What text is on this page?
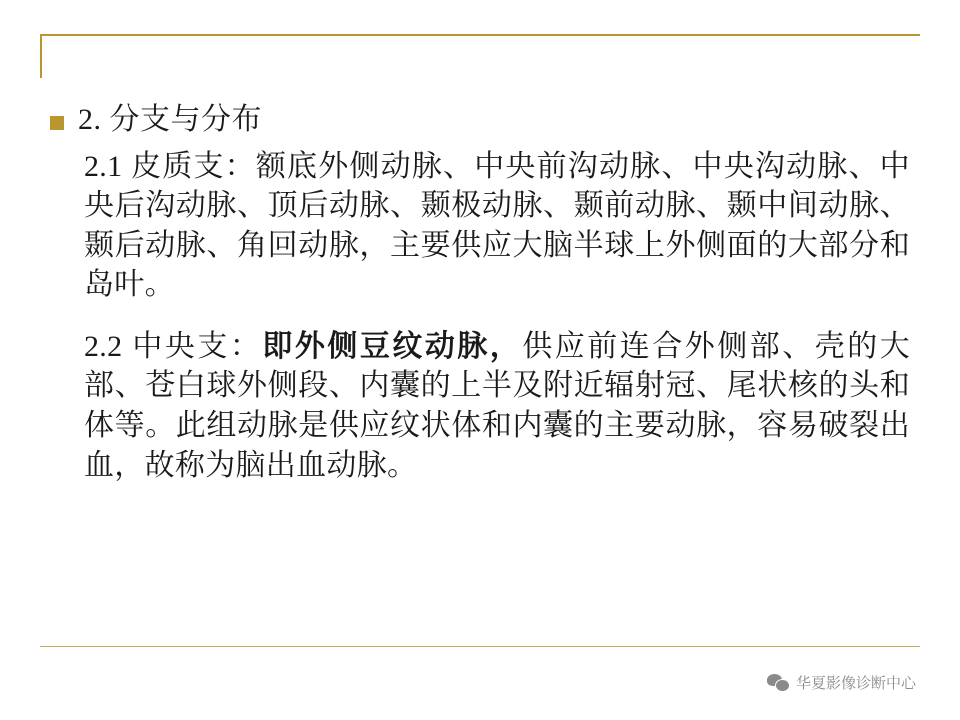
2. 分支与分布
2.1 皮质支：额底外侧动脉、中央前沟动脉、中央沟动脉、中央后沟动脉、顶后动脉、颞极动脉、颞前动脉、颞中间动脉、颞后动脉、角回动脉，主要供应大脑半球上外侧面的大部分和岛叶。
2.2 中央支：即外侧豆纹动脉，供应前连合外侧部、壳的大部、苍白球外侧段、内囊的上半及附近辐射冠、尾状核的头和体等。此组动脉是供应纹状体和内囊的主要动脉，容易破裂出血，故称为脑出血动脉。
华夏影像诊断中心
